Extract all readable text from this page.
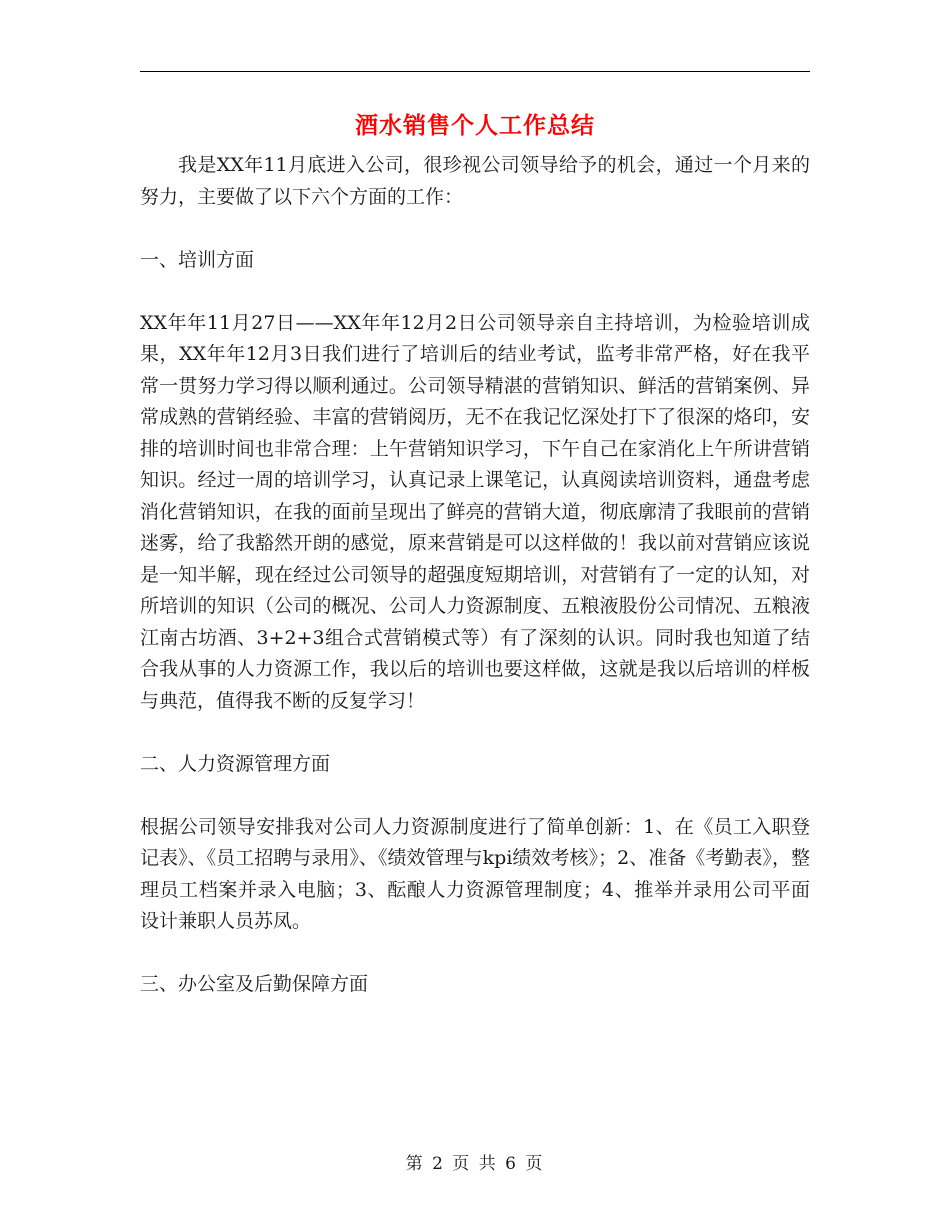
酒水销售个人工作总结

我是XX年11月底进入公司，很珍视公司领导给予的机会，通过一个月来的努力，主要做了以下六个方面的工作：

一、培训方面

XX年年11月27日——XX年年12月2日公司领导亲自主持培训，为检验培训成果，XX年年12月3日我们进行了培训后的结业考试，监考非常严格，好在我平常一贯努力学习得以顺利通过。公司领导精湛的营销知识、鲜活的营销案例、异常成熟的营销经验、丰富的营销阅历，无不在我记忆深处打下了很深的烙印，安排的培训时间也非常合理：上午营销知识学习，下午自己在家消化上午所讲营销知识。经过一周的培训学习，认真记录上课笔记，认真阅读培训资料，通盘考虑消化营销知识，在我的面前呈现出了鲜亮的营销大道，彻底廓清了我眼前的营销迷雾，给了我豁然开朗的感觉，原来营销是可以这样做的！我以前对营销应该说是一知半解，现在经过公司领导的超强度短期培训，对营销有了一定的认知，对所培训的知识（公司的概况、公司人力资源制度、五粮液股份公司情况、五粮液江南古坊酒、3+2+3组合式营销模式等）有了深刻的认识。同时我也知道了结合我从事的人力资源工作，我以后的培训也要这样做，这就是我以后培训的样板与典范，值得我不断的反复学习！

二、人力资源管理方面

根据公司领导安排我对公司人力资源制度进行了简单创新：1、在《员工入职登记表》、《员工招聘与录用》、《绩效管理与kpi绩效考核》；2、准备《考勤表》，整理员工档案并录入电脑；3、酝酿人力资源管理制度；4、推举并录用公司平面设计兼职人员苏凤。

三、办公室及后勤保障方面

第 2 页 共 6 页
